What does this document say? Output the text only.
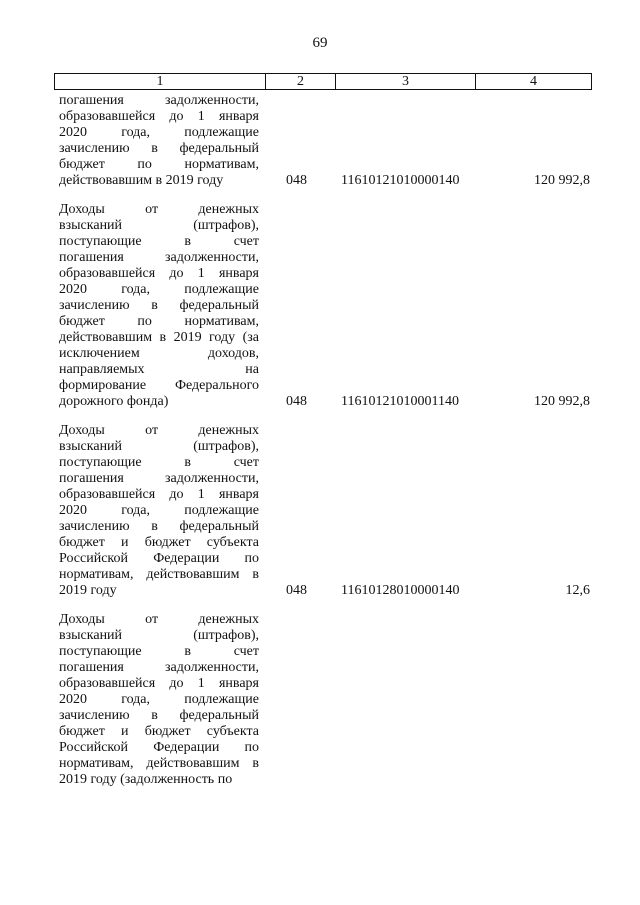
69
1	2	3	4
погашения задолженности,
образовавшейся до 1 января
2020 года, подлежащие
зачислению в федеральный
бюджет по нормативам,
действовавшим в 2019 году	048 11610121010000140	120 992,8
Доходы от денежных
взысканий (штрафов),
поступающие в счет
погашения задолженности,
образовавшейся до 1 января
2020 года, подлежащие
зачислению в федеральный
бюджет по нормативам,
действовавшим в 2019 году (за
исключением доходов,
направляемых на
формирование Федерального
дорожного фонда)	048 11610121010001140	120 992,8
Доходы от денежных
взысканий (штрафов),
поступающие в счет
погашения задолженности,
образовавшейся до 1 января
2020 года, подлежащие
зачислению в федеральный
бюджет и бюджет субъекта
Российской Федерации по
нормативам, действовавшим в
2019 году	048 11610128010000140	12,6
Доходы от денежных
взысканий (штрафов),
поступающие в счет
погашения задолженности,
образовавшейся до 1 января
2020 года, подлежащие
зачислению в федеральный
бюджет и бюджет субъекта
Российской Федерации по
нормативам, действовавшим в
2019 году (задолженность по
